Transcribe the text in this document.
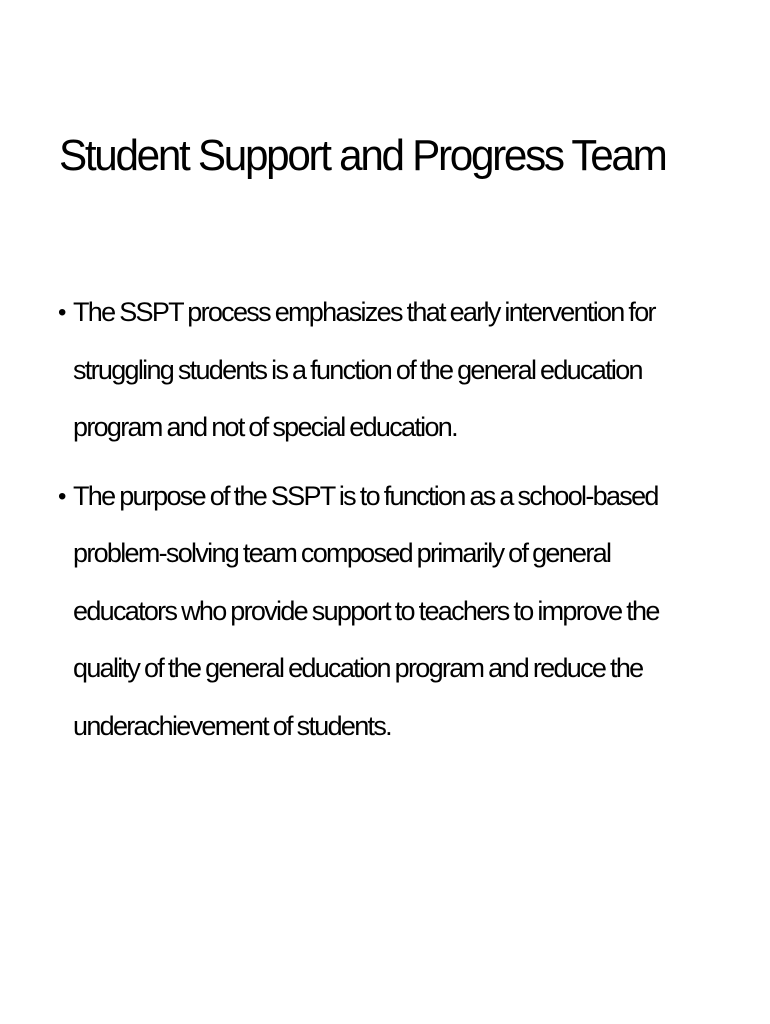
Student Support and Progress Team
• The SSPT process emphasizes that early intervention for struggling students is a function of the general education program and not of special education.
• The purpose of the SSPT is to function as a school-based problem-solving team composed primarily of general educators who provide support to teachers to improve the quality of the general education program and reduce the underachievement of students.
